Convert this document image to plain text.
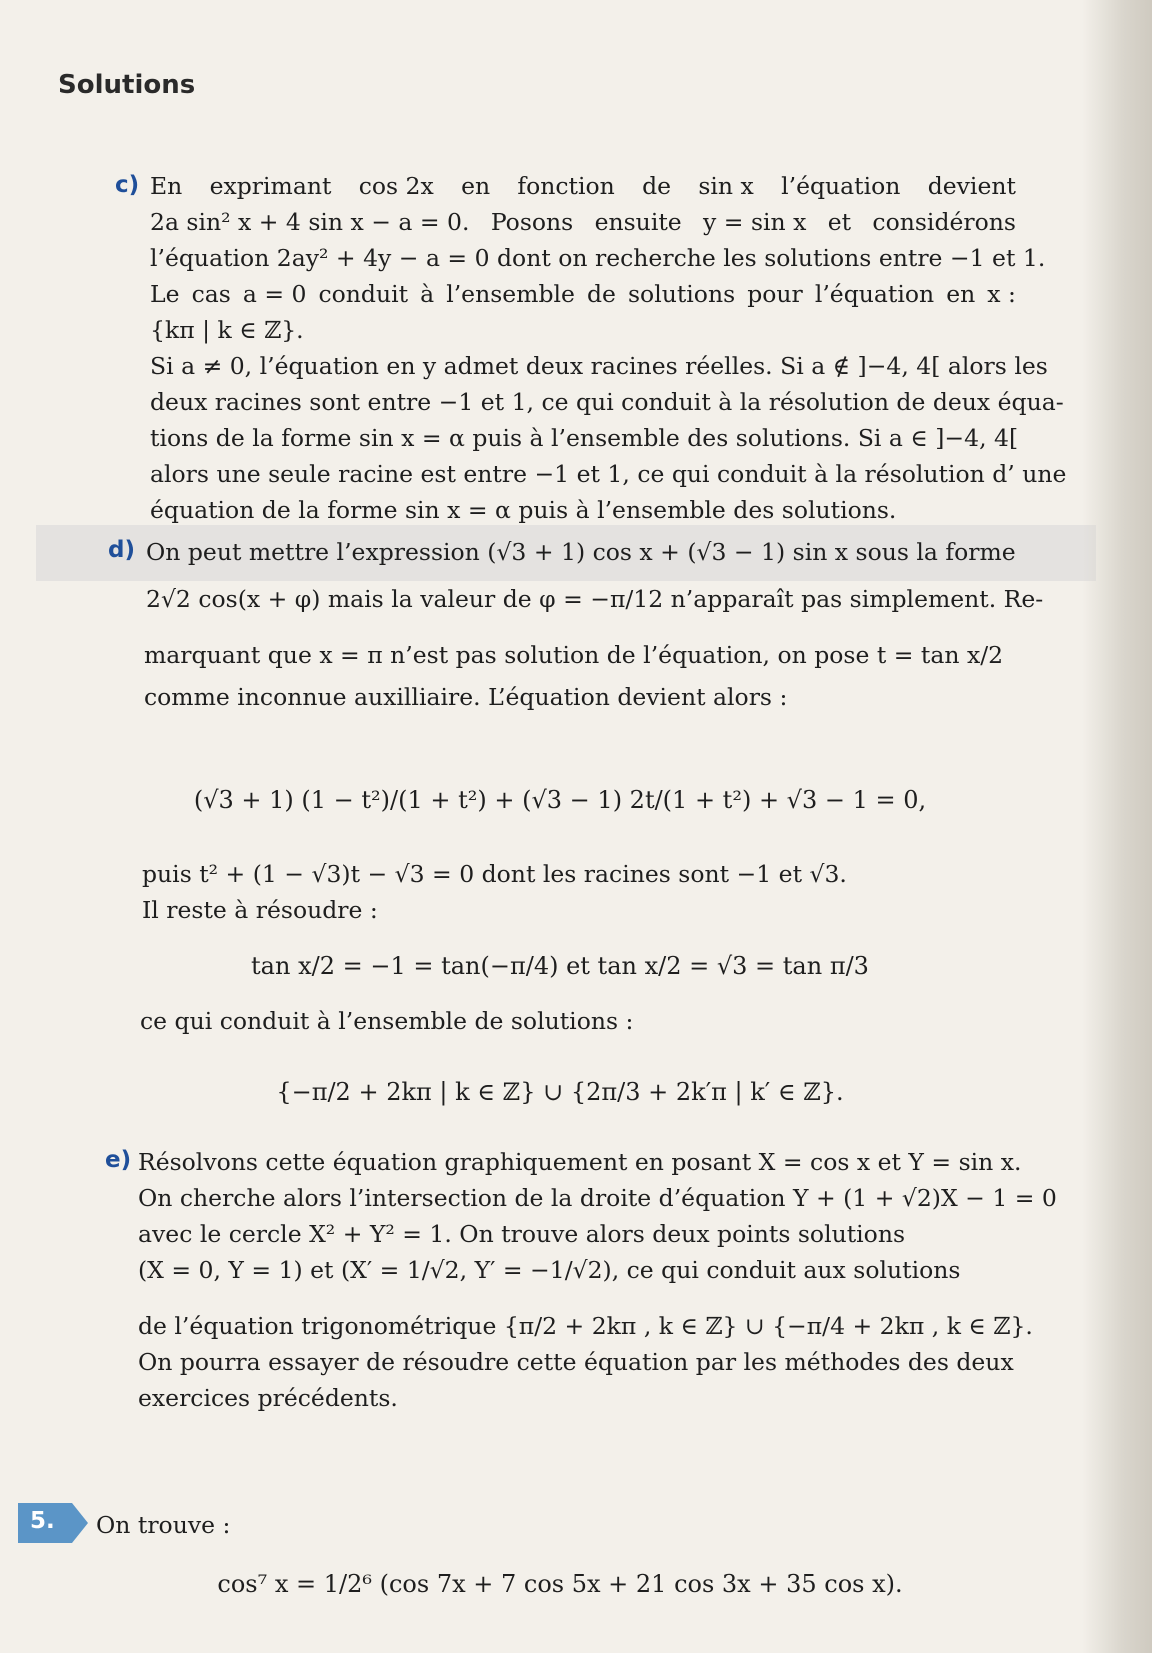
Solutions
c) En exprimant cos 2x en fonction de sin x l’équation devient
2a sin² x + 4 sin x − a = 0. Posons ensuite y = sin x et considérons
l’équation 2ay² + 4y − a = 0 dont on recherche les solutions entre −1 et 1.
Le cas a = 0 conduit à l’ensemble de solutions pour l’équation en x :
{kπ | k ∈ ℤ}.
Si a ≠ 0, l’équation en y admet deux racines réelles. Si a ∉ ]−4, 4[ alors les
deux racines sont entre −1 et 1, ce qui conduit à la résolution de deux équa-
tions de la forme sin x = α puis à l’ensemble des solutions. Si a ∈ ]−4, 4[
alors une seule racine est entre −1 et 1, ce qui conduit à la résolution d’ une
équation de la forme sin x = α puis à l’ensemble des solutions.
d) On peut mettre l’expression (√3 + 1) cos x + (√3 − 1) sin x sous la forme
2√2 cos(x + φ) mais la valeur de φ = −π/12 n’apparaît pas simplement. Re-
marquant que x = π n’est pas solution de l’équation, on pose t = tan x/2
comme inconnue auxilliaire. L’équation devient alors :
(√3 + 1) (1 − t²)/(1 + t²) + (√3 − 1) 2t/(1 + t²) + √3 − 1 = 0,
puis t² + (1 − √3)t − √3 = 0 dont les racines sont −1 et √3.
Il reste à résoudre :
tan x/2 = −1 = tan(−π/4) et tan x/2 = √3 = tan π/3
ce qui conduit à l’ensemble de solutions :
{−π/2 + 2kπ | k ∈ ℤ} ∪ {2π/3 + 2k′π | k′ ∈ ℤ}.
e) Résolvons cette équation graphiquement en posant X = cos x et Y = sin x.
On cherche alors l’intersection de la droite d’équation Y + (1 + √2)X − 1 = 0
avec le cercle X² + Y² = 1. On trouve alors deux points solutions
(X = 0, Y = 1) et (X′ = 1/√2, Y′ = −1/√2), ce qui conduit aux solutions
de l’équation trigonométrique {π/2 + 2kπ , k ∈ ℤ} ∪ {−π/4 + 2kπ , k ∈ ℤ}.
On pourra essayer de résoudre cette équation par les méthodes des deux
exercices précédents.
5. On trouve :
cos⁷ x = 1/2⁶ (cos 7x + 7 cos 5x + 21 cos 3x + 35 cos x).
